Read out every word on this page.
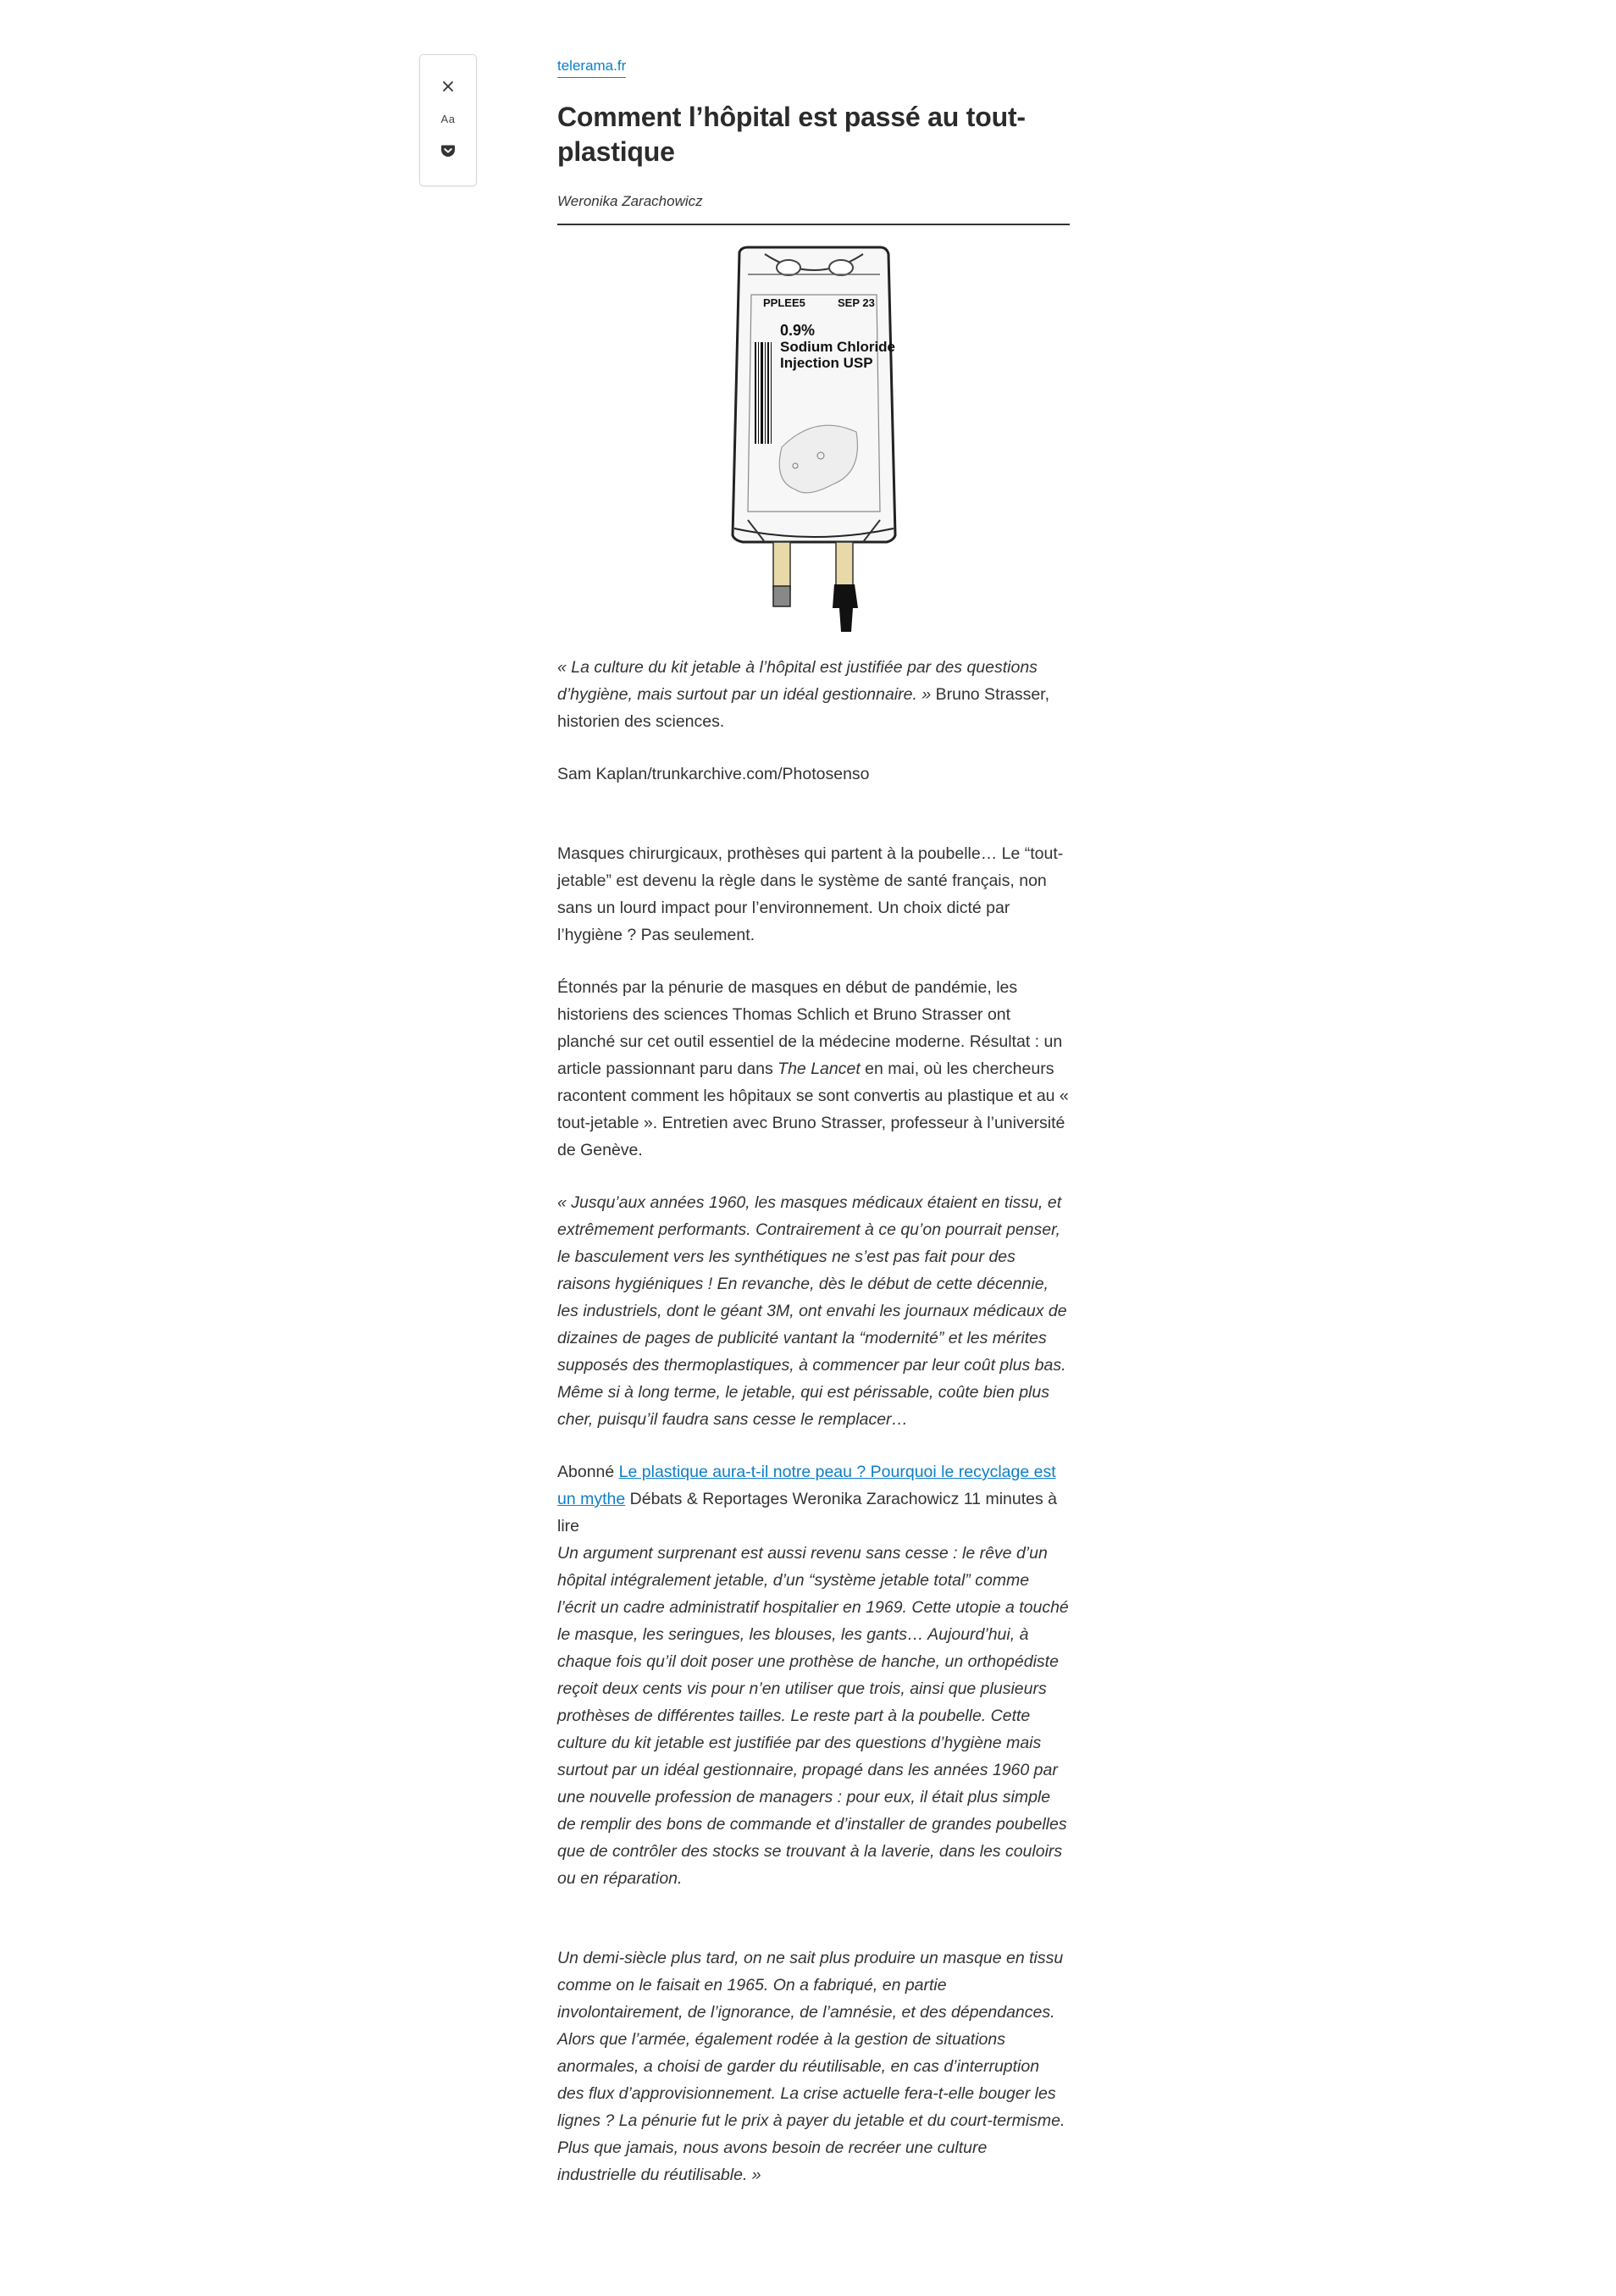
Aa
telerama.fr
Comment l’hôpital est passé au tout-plastique
Weronika Zarachowicz
PPLEE5	SEP 23
0.9%
Sodium Chloride
Injection USP

« La culture du kit jetable à l’hôpital est justifiée par des questions d’hygiène, mais surtout par un idéal gestionnaire. » Bruno Strasser, historien des sciences.

Sam Kaplan/trunkarchive.com/Photosenso

Masques chirurgicaux, prothèses qui partent à la poubelle… Le “tout-jetable” est devenu la règle dans le système de santé français, non sans un lourd impact pour l’environnement. Un choix dicté par l’hygiène ? Pas seulement.

Étonnés par la pénurie de masques en début de pandémie, les historiens des sciences Thomas Schlich et Bruno Strasser ont planché sur cet outil essentiel de la médecine moderne. Résultat : un article passionnant paru dans The Lancet en mai, où les chercheurs racontent comment les hôpitaux se sont convertis au plastique et au « tout-jetable ». Entretien avec Bruno Strasser, professeur à l’université de Genève.

« Jusqu’aux années 1960, les masques médicaux étaient en tissu, et extrêmement performants. Contrairement à ce qu’on pourrait penser, le basculement vers les synthétiques ne s’est pas fait pour des raisons hygiéniques ! En revanche, dès le début de cette décennie, les industriels, dont le géant 3M, ont envahi les journaux médicaux de dizaines de pages de publicité vantant la “modernité” et les mérites supposés des thermoplastiques, à commencer par leur coût plus bas. Même si à long terme, le jetable, qui est périssable, coûte bien plus cher, puisqu’il faudra sans cesse le remplacer…

Abonné Le plastique aura-t-il notre peau ? Pourquoi le recyclage est un mythe Débats & Reportages Weronika Zarachowicz 11 minutes à lire
Un argument surprenant est aussi revenu sans cesse : le rêve d’un hôpital intégralement jetable, d’un “système jetable total” comme l’écrit un cadre administratif hospitalier en 1969. Cette utopie a touché le masque, les seringues, les blouses, les gants… Aujourd’hui, à chaque fois qu’il doit poser une prothèse de hanche, un orthopédiste reçoit deux cents vis pour n’en utiliser que trois, ainsi que plusieurs prothèses de différentes tailles. Le reste part à la poubelle. Cette culture du kit jetable est justifiée par des questions d’hygiène mais surtout par un idéal gestionnaire, propagé dans les années 1960 par une nouvelle profession de managers : pour eux, il était plus simple de remplir des bons de commande et d’installer de grandes poubelles que de contrôler des stocks se trouvant à la laverie, dans les couloirs ou en réparation.

Un demi-siècle plus tard, on ne sait plus produire un masque en tissu comme on le faisait en 1965. On a fabriqué, en partie involontairement, de l’ignorance, de l’amnésie, et des dépendances. Alors que l’armée, également rodée à la gestion de situations anormales, a choisi de garder du réutilisable, en cas d’interruption des flux d’approvisionnement. La crise actuelle fera-t-elle bouger les lignes ? La pénurie fut le prix à payer du jetable et du court-termisme. Plus que jamais, nous avons besoin de recréer une culture industrielle du réutilisable. »
